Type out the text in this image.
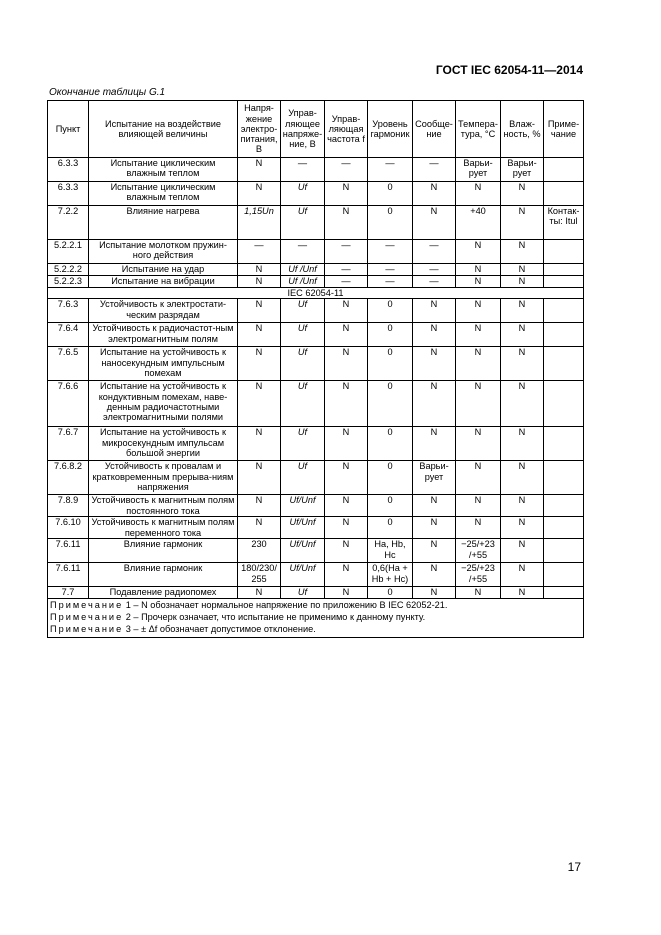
ГОСТ IEC 62054-11—2014
Окончание таблицы G.1
Пункт	Испытание на воздействие влияющей величины	Напря-жение электро-питания, В	Управ-ляющее напряже-ние, В	Управ-ляющая частота f	Уровень гармоник	Сообще-ние	Темпера-тура, °С	Влаж-ность, %	Приме-чание
6.3.3	Испытание циклическим влажным теплом	N	—	—	—	—	Варьи-рует	Варьи-рует	
6.3.3	Испытание циклическим влажным теплом	N	Uf	N	0	N	N	N	
7.2.2	Влияние нагрева	1,15Un	Uf	N	0	N	+40	N	Контак-ты: Itul
5.2.2.1	Испытание молотком пружин-ного действия	—	—	—	—	—	N	N	
5.2.2.2	Испытание на удар	N	Uf /Unf	—	—	—	N	N	
5.2.2.3	Испытание на вибрации	N	Uf /Unf	—	—	—	N	N	
IEC 62054-11									
7.6.3	Устойчивость к электростати-ческим разрядам	N	Uf	N	0	N	N	N	
7.6.4	Устойчивость к радиочастот-ным электромагнитным полям	N	Uf	N	0	N	N	N	
7.6.5	Испытание на устойчивость к наносекундным импульсным помехам	N	Uf	N	0	N	N	N	
7.6.6	Испытание на устойчивость к кондуктивным помехам, наве-денным радиочастотными электромагнитными полями	N	Uf	N	0	N	N	N	
7.6.7	Испытание на устойчивость к микросекундным импульсам большой энергии	N	Uf	N	0	N	N	N	
7.6.8.2	Устойчивость к провалам и кратковременным прерыва-ниям напряжения	N	Uf	N	0	Варьи-рует	N	N	
7.8.9	Устойчивость к магнитным полям постоянного тока	N	Uf/Unf	N	0	N	N	N	
7.6.10	Устойчивость к магнитным полям переменного тока	N	Uf/Unf	N	0	N	N	N	
7.6.11	Влияние гармоник	230	Uf/Unf	N	Ha, Hb, Hc	N	−25/+23 /+55	N	
7.6.11	Влияние гармоник	180/230/ 255	Uf/Unf	N	0,6(Ha + Hb + Hc)	N	−25/+23 /+55	N	
7.7	Подавление радиопомех	N	Uf	N	0	N	N	N	

Примечание 1 – N обозначает нормальное напряжение по приложению В IEC 62052-21.
Примечание 2 – Прочерк означает, что испытание не применимо к данному пункту.
Примечание 3 – ± Δf обозначает допустимое отклонение.									
17
